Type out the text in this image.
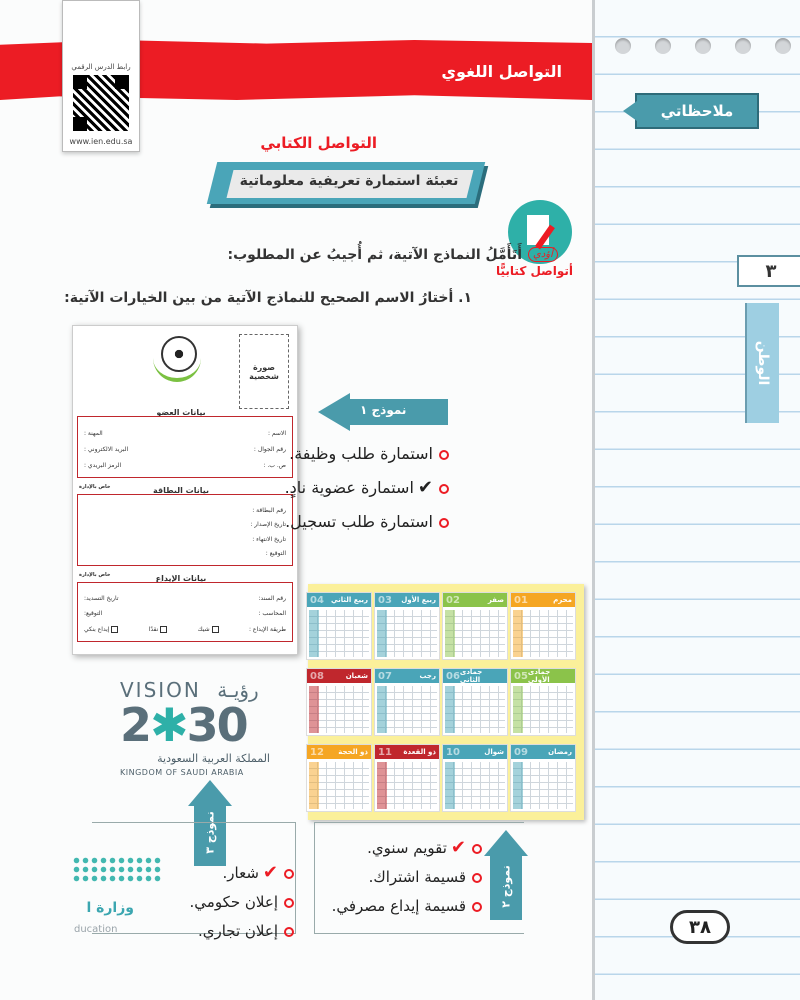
التواصل اللغوي
رابط الدرس الرقمي
www.ien.edu.sa	التواصل الكتابي
تعبئة استمارة تعريفية معلوماتية
أتواصل كتابيًّا
أؤدي
أَتَأَمَّلُ النماذج الآتية، ثم أُجيبُ عن المطلوب:
١. أختارُ الاسم الصحيح للنماذج الآتية من بين الخيارات الآتية:
صورة شخصية
بيانات العضو
الاسم :
المهنة :
رقم الجوال :
البريد الالكتروني :
ص. ب. :
الرمز البريدي :
بيانات البطاقة
خاص بالإدارة
رقم البطاقة :
تاريخ الإصدار :
تاريخ الانتهاء :
التوقيع :
بيانات الإيداع
خاص بالإدارة
رقم السند:
تاريخ التسديد:
المحاسب :
التوقيع:
طريقة الإيداع :
شيك
نقدًا
إيداع بنكي
نموذج ١
استمارة طلب وظيفة.
✔استمارة عضوية نادٍ.
استمارة طلب تسجيل.
01	محرم
02	صفر
03 ربيع الأول
04 ربيع الثاني
05 جمادى الأولى
06 جمادى الثاني
07	رجب
08	شعبان
09	رمضان
10	شوال
11 ذو القعدة
12 ذو الحجة
VISION رؤيـة
2✱30
المملكة العربية السعودية
KINGDOM OF SAUDI ARABIA
نموذج ٣
✔شعار.
إعلان حكومي.
إعلان تجاري.
وزارة ا
ducation
نموذج ٢
✔تقويم سنوي.
قسيمة اشتراك.
قسيمة إيداع مصرفي.
ملاحظاتي
٣
الوطن
٣٨
